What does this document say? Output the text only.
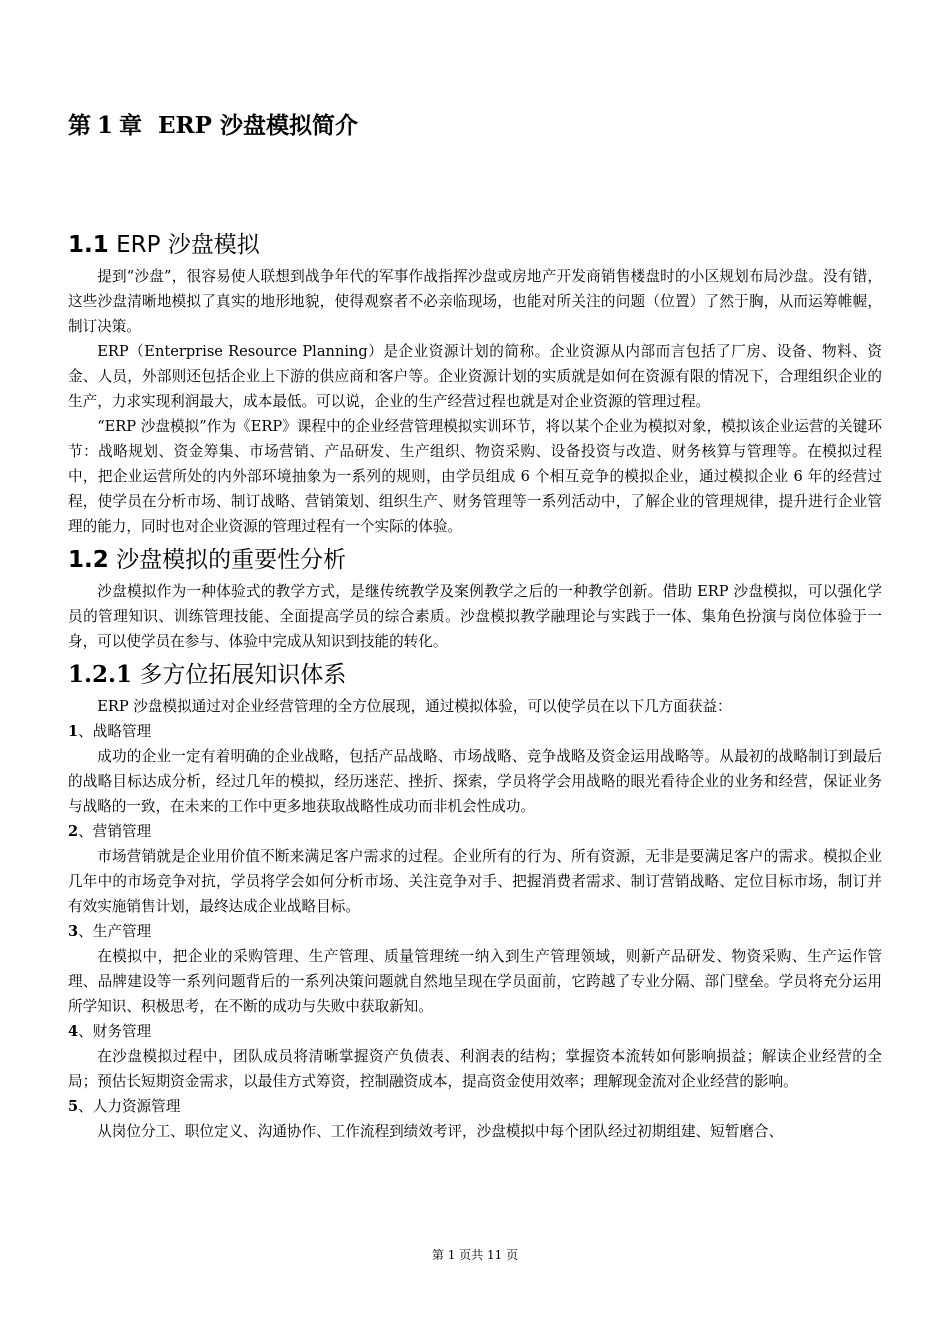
第 1 章 ERP 沙盘模拟简介
1.1 ERP 沙盘模拟

提到“沙盘”，很容易使人联想到战争年代的军事作战指挥沙盘或房地产开发商销售楼盘时的小区规划布局沙盘。没有错，这些沙盘清晰地模拟了真实的地形地貌，使得观察者不必亲临现场，也能对所关注的问题（位置）了然于胸，从而运筹帷幄，制订决策。

ERP（Enterprise Resource Planning）是企业资源计划的简称。企业资源从内部而言包括了厂房、设备、物料、资金、人员，外部则还包括企业上下游的供应商和客户等。企业资源计划的实质就是如何在资源有限的情况下，合理组织企业的生产，力求实现利润最大，成本最低。可以说，企业的生产经营过程也就是对企业资源的管理过程。

“ERP 沙盘模拟”作为《ERP》课程中的企业经营管理模拟实训环节，将以某个企业为模拟对象，模拟该企业运营的关键环节：战略规划、资金筹集、市场营销、产品研发、生产组织、物资采购、设备投资与改造、财务核算与管理等。在模拟过程中，把企业运营所处的内外部环境抽象为一系列的规则，由学员组成 6 个相互竞争的模拟企业，通过模拟企业 6 年的经营过程，使学员在分析市场、制订战略、营销策划、组织生产、财务管理等一系列活动中，了解企业的管理规律，提升进行企业管理的能力，同时也对企业资源的管理过程有一个实际的体验。

1.2 沙盘模拟的重要性分析

沙盘模拟作为一种体验式的教学方式，是继传统教学及案例教学之后的一种教学创新。借助 ERP 沙盘模拟，可以强化学员的管理知识、训练管理技能、全面提高学员的综合素质。沙盘模拟教学融理论与实践于一体、集角色扮演与岗位体验于一身，可以使学员在参与、体验中完成从知识到技能的转化。

1.2.1 多方位拓展知识体系

ERP 沙盘模拟通过对企业经营管理的全方位展现，通过模拟体验，可以使学员在以下几方面获益：

1、战略管理

成功的企业一定有着明确的企业战略，包括产品战略、市场战略、竞争战略及资金运用战略等。从最初的战略制订到最后的战略目标达成分析，经过几年的模拟，经历迷茫、挫折、探索，学员将学会用战略的眼光看待企业的业务和经营，保证业务与战略的一致，在未来的工作中更多地获取战略性成功而非机会性成功。

2、营销管理

市场营销就是企业用价值不断来满足客户需求的过程。企业所有的行为、所有资源，无非是要满足客户的需求。模拟企业几年中的市场竞争对抗，学员将学会如何分析市场、关注竞争对手、把握消费者需求、制订营销战略、定位目标市场，制订并有效实施销售计划，最终达成企业战略目标。

3、生产管理

在模拟中，把企业的采购管理、生产管理、质量管理统一纳入到生产管理领域，则新产品研发、物资采购、生产运作管理、品牌建设等一系列问题背后的一系列决策问题就自然地呈现在学员面前，它跨越了专业分隔、部门壁垒。学员将充分运用所学知识、积极思考，在不断的成功与失败中获取新知。

4、财务管理

在沙盘模拟过程中，团队成员将清晰掌握资产负债表、利润表的结构；掌握资本流转如何影响损益；解读企业经营的全局；预估长短期资金需求，以最佳方式筹资，控制融资成本，提高资金使用效率；理解现金流对企业经营的影响。

5、人力资源管理

从岗位分工、职位定义、沟通协作、工作流程到绩效考评，沙盘模拟中每个团队经过初期组建、短暂磨合、

第 1 页共 11 页
